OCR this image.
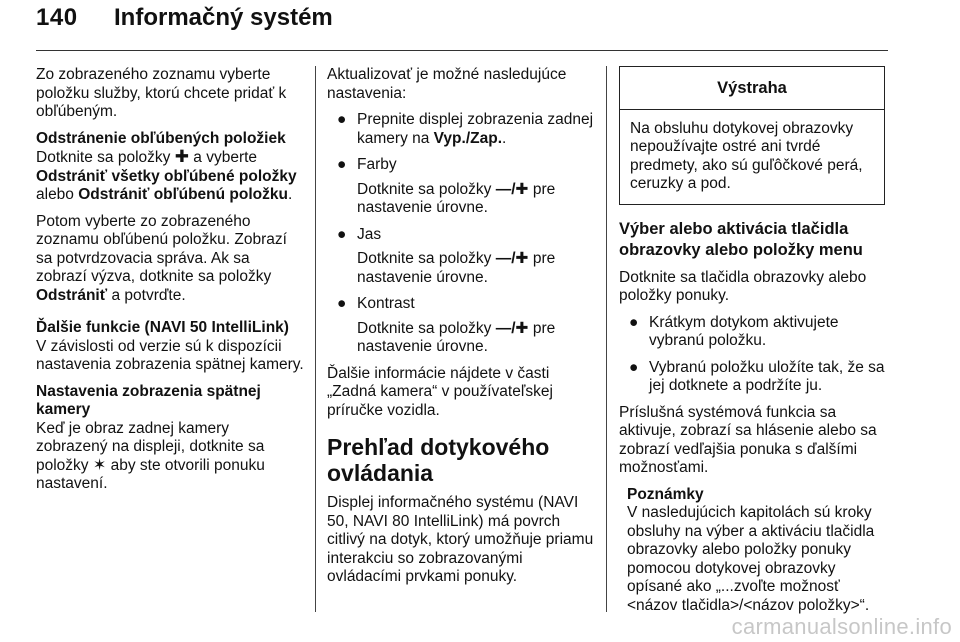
140 Informačný systém

Zo zobrazeného zoznamu vyberte položku služby, ktorú chcete pridať k obľúbeným.

Odstránenie obľúbených položiek

Dotknite sa položky ✚ a vyberte Odstrániť všetky obľúbené položky alebo Odstrániť obľúbenú položku.

Potom vyberte zo zobrazeného zoznamu obľúbenú položku. Zobrazí sa potvrdzovacia správa. Ak sa zobrazí výzva, dotknite sa položky Odstrániť a potvrďte.

Ďalšie funkcie (NAVI 50 IntelliLink)

V závislosti od verzie sú k dispozícii nastavenia zobrazenia spätnej kamery.

Nastavenia zobrazenia spätnej kamery

Keď je obraz zadnej kamery zobrazený na displeji, dotknite sa položky ✶ aby ste otvorili ponuku nastavení.

Aktualizovať je možné nasledujúce nastavenia:

● Prepnite displej zobrazenia zadnej kamery na Vyp./Zap..
● Farby
Dotknite sa položky —/✚ pre nastavenie úrovne.
● Jas
Dotknite sa položky —/✚ pre nastavenie úrovne.
● Kontrast
Dotknite sa položky —/✚ pre nastavenie úrovne.

Ďalšie informácie nájdete v časti „Zadná kamera“ v používateľskej príručke vozidla.

Prehľad dotykového ovládania

Displej informačného systému (NAVI 50, NAVI 80 IntelliLink) má povrch citlivý na dotyk, ktorý umožňuje priamu interakciu so zobrazovanými ovládacími prvkami ponuky.

Výstraha
Na obsluhu dotykovej obrazovky nepoužívajte ostré ani tvrdé predmety, ako sú guľôčkové perá, ceruzky a pod.
Výber alebo aktivácia tlačidla obrazovky alebo položky menu

Dotknite sa tlačidla obrazovky alebo položky ponuky.

● Krátkym dotykom aktivujete vybranú položku.
● Vybranú položku uložíte tak, že sa jej dotknete a podržíte ju.

Príslušná systémová funkcia sa aktivuje, zobrazí sa hlásenie alebo sa zobrazí vedľajšia ponuka s ďalšími možnosťami.

Poznámky
V nasledujúcich kapitolách sú kroky obsluhy na výber a aktiváciu tlačidla obrazovky alebo položky ponuky pomocou dotykovej obrazovky opísané ako „...zvoľte možnosť <názov tlačidla>/<názov položky>“.
carmanualsonline.info
